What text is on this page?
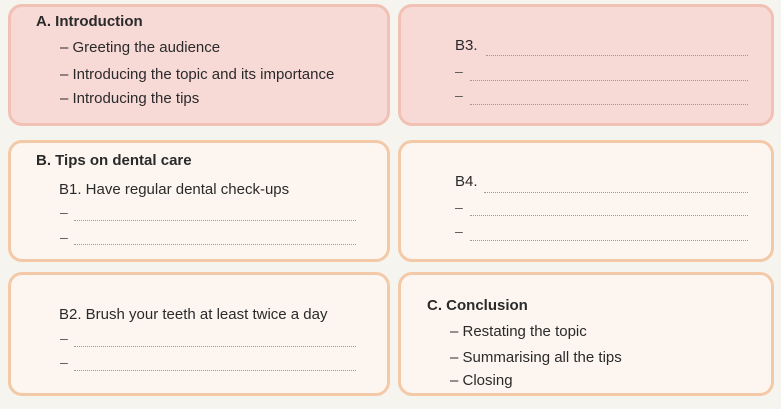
A. Introduction
– Greeting the audience
– Introducing the topic and its importance
– Introducing the tips
B3.
–
–
B. Tips on dental care
B1. Have regular dental check-ups
–
–
B4.
–
–
B2. Brush your teeth at least twice a day
–
–
C. Conclusion
– Restating the topic
– Summarising all the tips
– Closing
